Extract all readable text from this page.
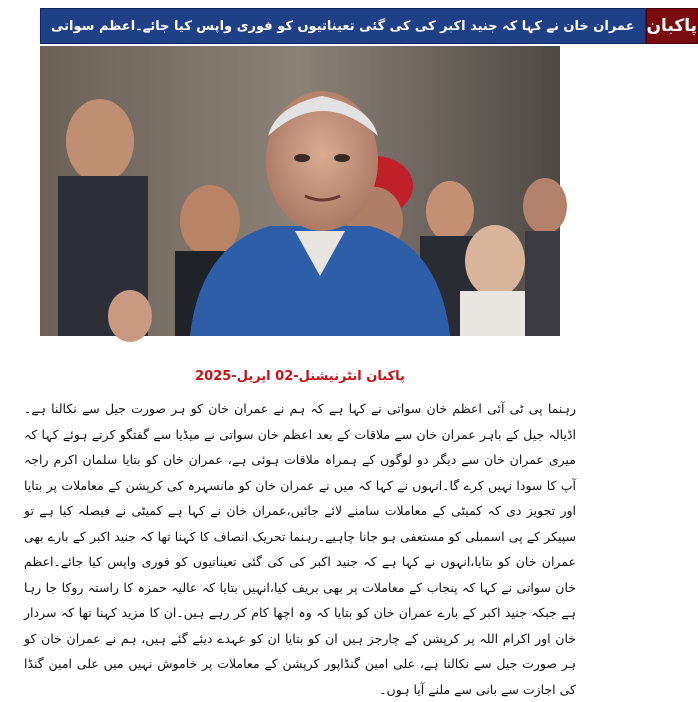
عمران خان نے کہا کہ جنید اکبر کی کی گئی تعیناتیوں کو فوری واپس کیا جائے۔اعظم سواتی پاکبان
پاکبان انٹرنیشنل-02 اپریل-2025

رہنما پی ٹی آئی اعظم خان سواتی نے کہا ہے کہ ہم نے عمران خان کو ہر صورت جیل سے نکالنا ہے۔اڈیالہ جیل کے باہر عمران خان سے ملاقات کے بعد اعظم خان سواتی نے میڈیا سے گفتگو کرتے ہوئے کہا کہ میری عمران خان سے دیگر دو لوگوں کے ہمراہ ملاقات ہوئی ہے، عمران خان کو بتایا سلمان اکرم راجہ آپ کا سودا نہیں کرے گا۔انہوں نے کہا کہ میں نے عمران خان کو مانسہرہ کی کرپشن کے معاملات پر بتایا اور تجویز دی کہ کمیٹی کے معاملات سامنے لائے جائیں،عمران خان نے کہا ہے کمیٹی نے فیصلہ کیا ہے تو سپیکر کے پی اسمبلی کو مستعفی ہو جانا چاہیے۔رہنما تحریک انصاف کا کہنا تھا کہ جنید اکبر کے بارے بھی عمران خان کو بتایا،انہوں نے کہا ہے کہ جنید اکبر کی کی گئی تعیناتیوں کو فوری واپس کیا جائے۔اعظم خان سواتی نے کہا کہ پنجاب کے معاملات پر بھی بریف کیا،انہیں بتایا کہ عالیہ حمزہ کا راستہ روکا جا رہا ہے جبکہ جنید اکبر کے بارے عمران خان کو بتایا کہ وہ اچھا کام کر رہے ہیں۔ان کا مزید کہنا تھا کہ سردار خان اور اکرام اللہ پر کرپشن کے چارجز ہیں ان کو بتایا ان کو عہدے دیئے گئے ہیں، ہم نے عمران خان کو ہر صورت جیل سے نکالنا ہے، علی امین گنڈاپور کرپشن کے معاملات پر خاموش نہیں میں علی امین گنڈا کی اجازت سے بانی سے ملنے آیا ہوں۔
